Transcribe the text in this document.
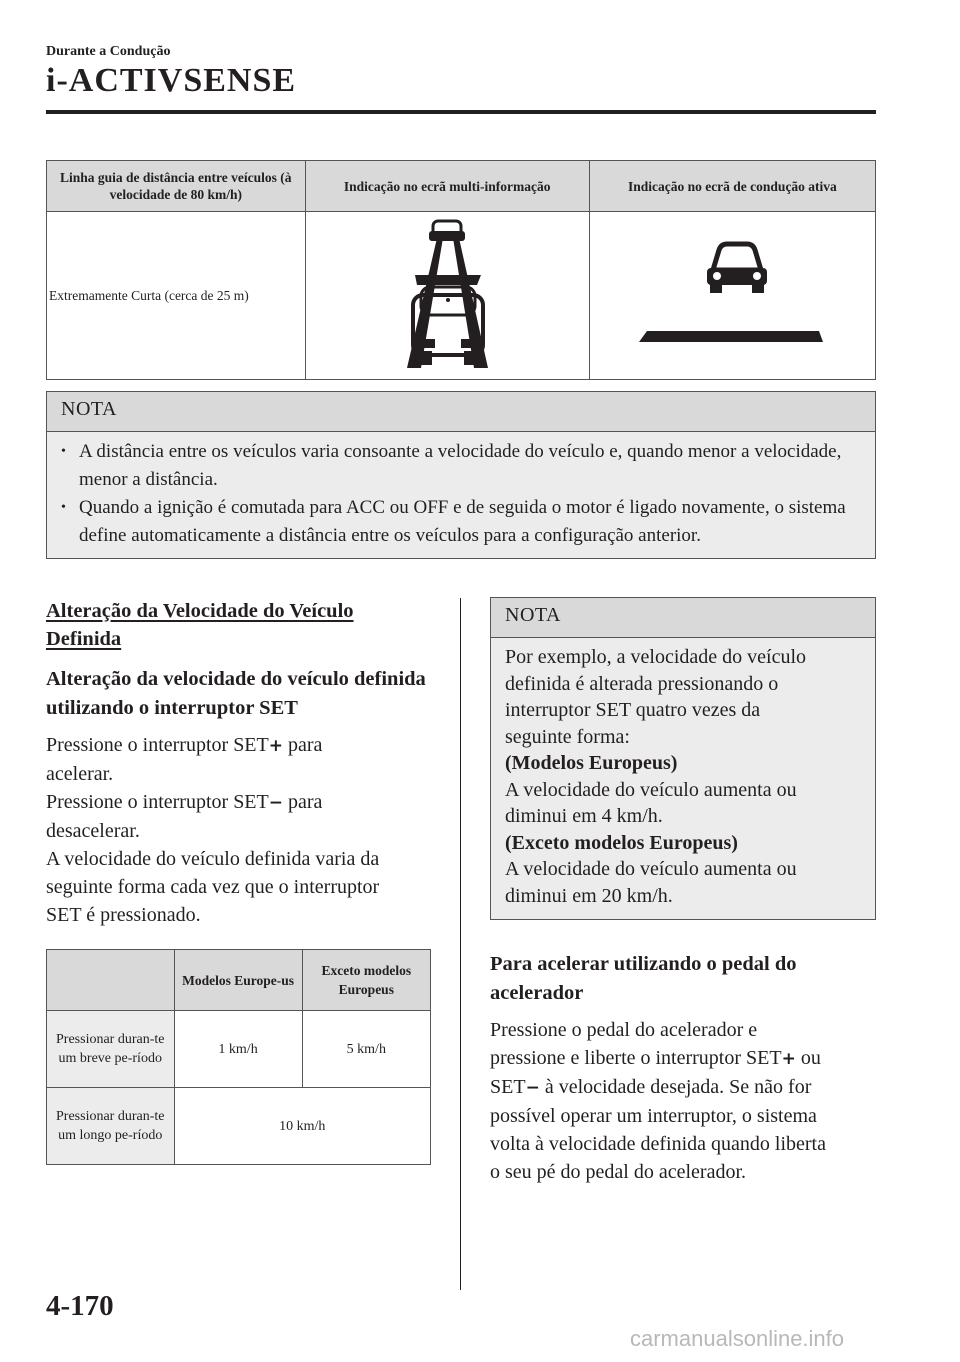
Durante a Condução
i-ACTIVSENSE
Linha guia de distância entre veículos (à velocidade de 80 km/h)	Indicação no ecrã multi-informação	Indicação no ecrã de condução ativa
Extremamente Curta (cerca de 25 m)		
NOTA
• A distância entre os veículos varia consoante a velocidade do veículo e, quando menor a velocidade, menor a distância.
• Quando a ignição é comutada para ACC ou OFF e de seguida o motor é ligado novamente, o sistema define automaticamente a distância entre os veículos para a configuração anterior.
Alteração da Velocidade do Veículo Definida
Alteração da velocidade do veículo definida utilizando o interruptor SET
Pressione o interruptor SET+ para
acelerar.
Pressione o interruptor SET− para
desacelerar.
A velocidade do veículo definida varia da
seguinte forma cada vez que o interruptor
SET é pressionado.
	Modelos Europe-us	Exceto modelos Europeus
Pressionar duran-te um breve pe-ríodo	1 km/h	5 km/h
Pressionar duran-te um longo pe-ríodo	10 km/h	
NOTA
Por exemplo, a velocidade do veículo
definida é alterada pressionando o
interruptor SET quatro vezes da
seguinte forma:
(Modelos Europeus)
A velocidade do veículo aumenta ou
diminui em 4 km/h.
(Exceto modelos Europeus)
A velocidade do veículo aumenta ou
diminui em 20 km/h.
Para acelerar utilizando o pedal do acelerador
Pressione o pedal do acelerador e
pressione e liberte o interruptor SET+ ou
SET− à velocidade desejada. Se não for
possível operar um interruptor, o sistema
volta à velocidade definida quando liberta
o seu pé do pedal do acelerador.
4-170
carmanualsonline.info
